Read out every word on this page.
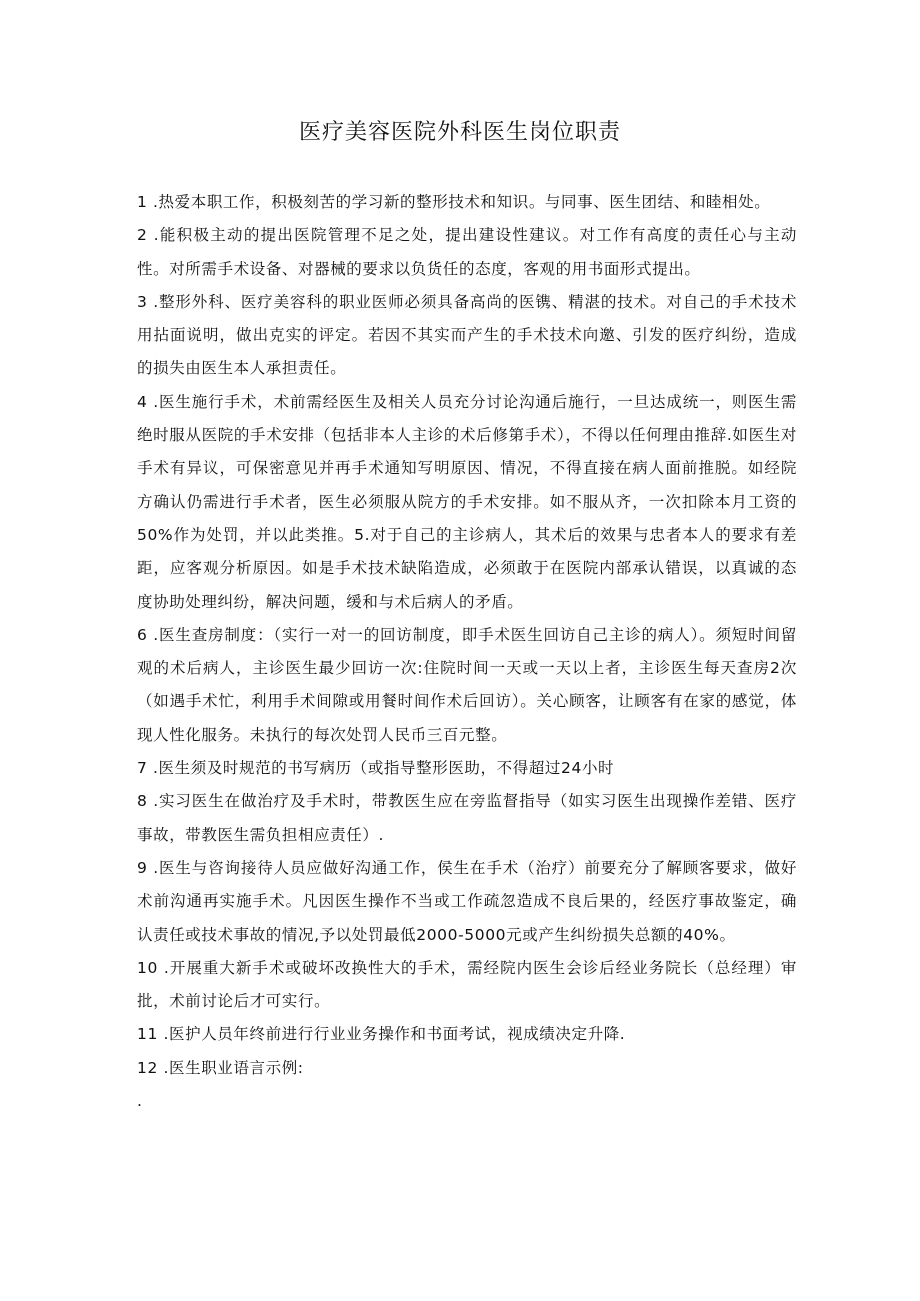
医疗美容医院外科医生岗位职责

1 .热爱本职工作，积极刻苦的学习新的整形技术和知识。与同事、医生团结、和睦相处。

2 .能积极主动的提出医院管理不足之处，提出建设性建议。对工作有高度的责任心与主动性。对所需手术设备、对器械的要求以负货任的态度，客观的用书面形式提出。

3 .整形外科、医疗美容科的职业医师必须具备高尚的医镌、精湛的技术。对自己的手术技术用拈面说明，做出克实的评定。若因不其实而产生的手术技术向邀、引发的医疗纠纷，造成的损失由医生本人承担责任。

4 .医生施行手术，术前需经医生及相关人员充分讨论沟通后施行，一旦达成统一，则医生需绝时服从医院的手术安排（包括非本人主诊的术后修第手术），不得以任何理由推辞.如医生对手术有异议，可保密意见并再手术通知写明原因、情况，不得直接在病人面前推脱。如经院方确认仍需进行手术者，医生必须服从院方的手术安排。如不服从齐，一次扣除本月工资的50%作为处罚，并以此类推。5.对于自己的主诊病人，其术后的效果与忠者本人的要求有差距，应客观分析原因。如是手术技术缺陷造成，必须敢于在医院内部承认错误，以真诚的态度协助处理纠纷，解决问题，缓和与术后病人的矛盾。

6 .医生查房制度：（实行一对一的回访制度，即手术医生回访自己主诊的病人）。须短时间留观的术后病人，主诊医生最少回访一次:住院时间一天或一天以上者，主诊医生每天查房2次（如遇手术忙，利用手术间隙或用餐时间作术后回访）。关心顾客，让顾客有在家的感觉，体现人性化服务。未执行的每次处罚人民币三百元整。

7 .医生须及时规范的书写病历（或指导整形医助，不得超过24小时

8 .实习医生在做治疗及手术时，带教医生应在旁监督指导（如实习医生出现操作差错、医疗事故，带教医生需负担相应责任）.

9 .医生与咨询接待人员应做好沟通工作，侯生在手术（治疗）前要充分了解顾客要求，做好术前沟通再实施手术。凡因医生操作不当或工作疏忽造成不良后果的，经医疗事故鉴定，确认责任或技术事故的情况,予以处罚最低2000-5000元或产生纠纷损失总额的40%。

10 .开展重大新手术或破坏改换性大的手术，需经院内医生会诊后经业务院长（总经理）审批，术前讨论后才可实行。

11 .医护人员年终前进行行业业务操作和书面考试，视成绩决定升降.

12 .医生职业语言示例:

.
